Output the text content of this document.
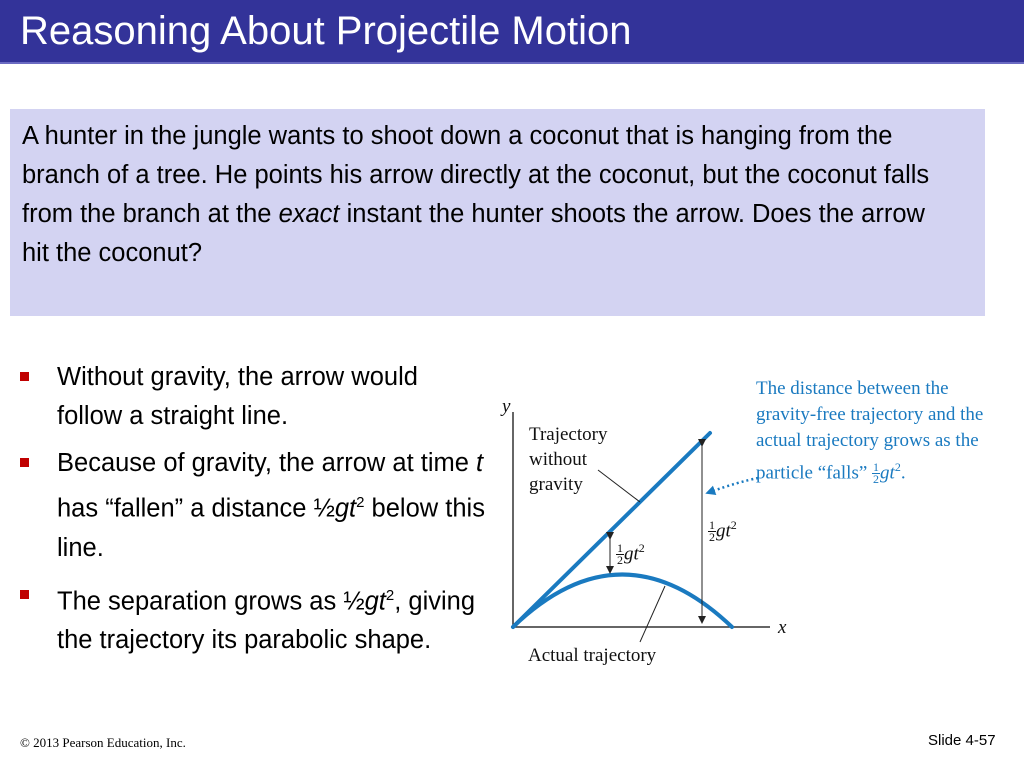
Reasoning About Projectile Motion
A hunter in the jungle wants to shoot down a coconut that is hanging from the branch of a tree. He points his arrow directly at the coconut, but the coconut falls from the branch at the exact instant the hunter shoots the arrow. Does the arrow hit the coconut?
Without gravity, the arrow would follow a straight line.
Because of gravity, the arrow at time t has “fallen” a distance $\frac{1}{2}gt^2$ below this line.
The separation grows as $\frac{1}{2}gt^2$, giving the trajectory its parabolic shape.
y
x
Trajectory
without
gravity
Actual trajectory
$\frac{1}{2} gt^2$
$\frac{1}{2} gt^2$
The distance between the gravity-free trajectory and the actual trajectory grows as the particle “falls” $\frac{1}{2} gt^2$.
© 2013 Pearson Education, Inc.	Slide 4-57
